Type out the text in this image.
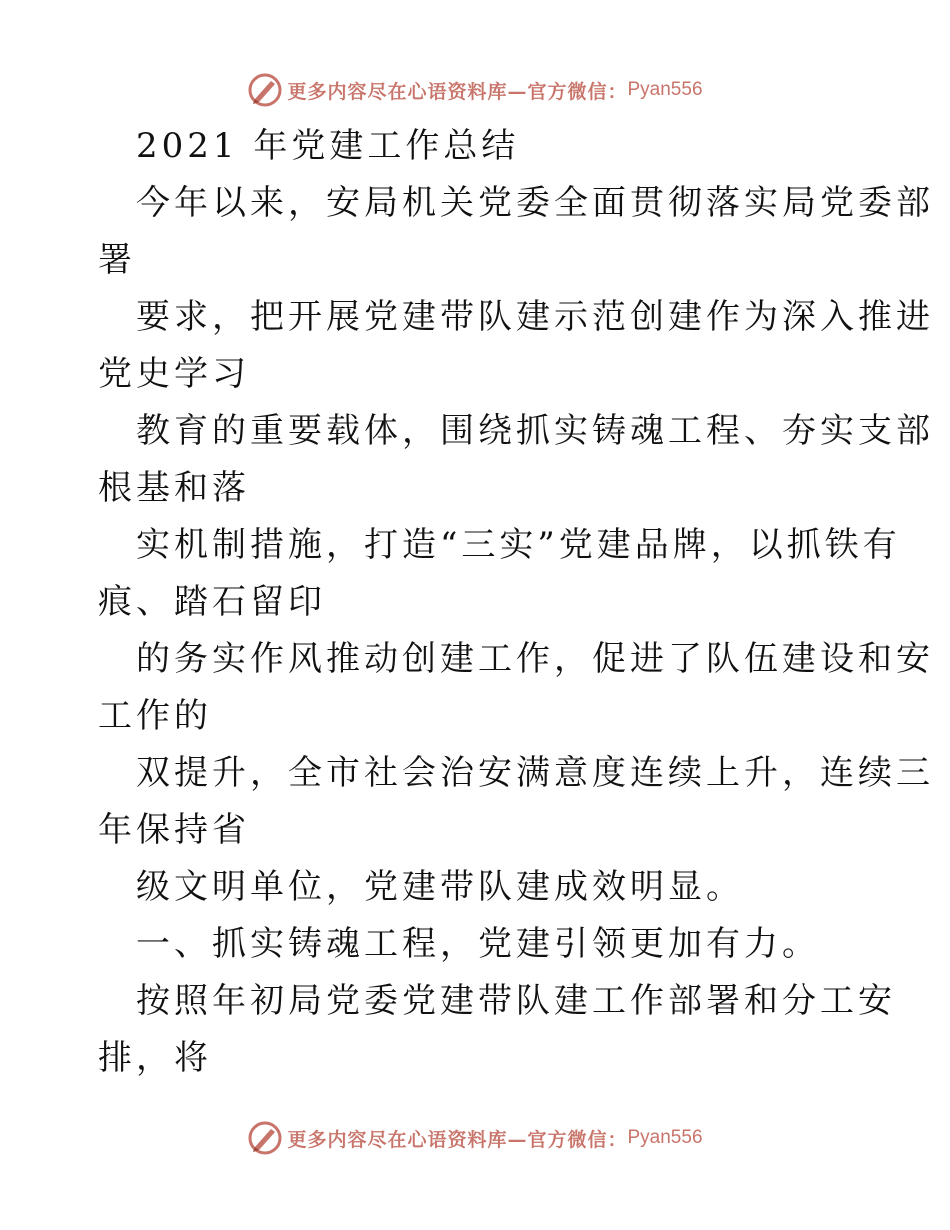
更多内容尽在心语资料库—官方微信： Pyan556
2021 年党建工作总结
今年以来，安局机关党委全面贯彻落实局党委部
署
要求，把开展党建带队建示范创建作为深入推进
党史学习
教育的重要载体，围绕抓实铸魂工程、夯实支部
根基和落
实机制措施，打造“三实”党建品牌，以抓铁有
痕、踏石留印
的务实作风推动创建工作，促进了队伍建设和安
工作的
双提升，全市社会治安满意度连续上升，连续三
年保持省
级文明单位，党建带队建成效明显。
一、抓实铸魂工程，党建引领更加有力。
按照年初局党委党建带队建工作部署和分工安
排，将
更多内容尽在心语资料库—官方微信： Pyan556
